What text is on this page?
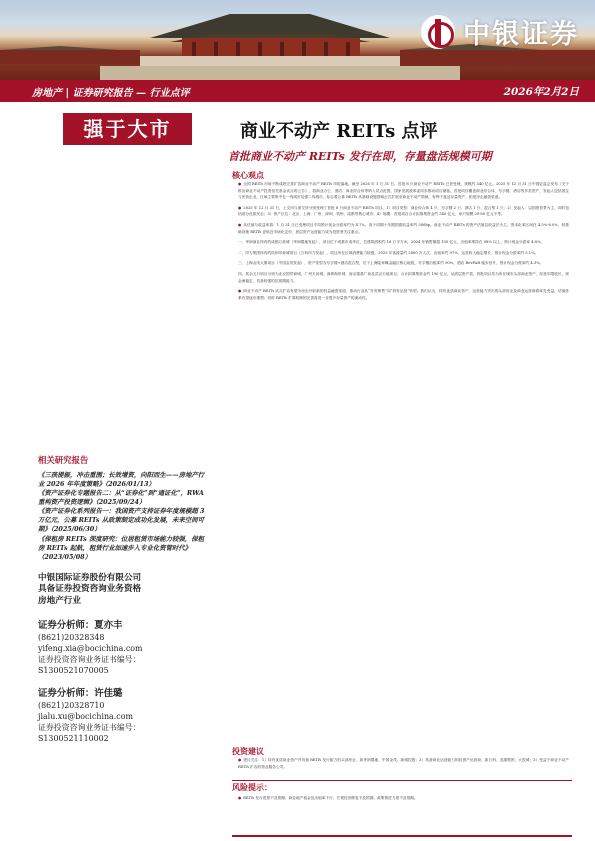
中银证券
房地产 | 证券研究报告 — 行业点评	2026年2月2日
强于大市	商业不动产 REITs 点评
首批商业不动产 REITs 发行在即，存量盘活规模可期
核心观点

● 全国 REITs 市场不断成熟完善扩容商业不动产 REITs 申报落地。截至 2026 年 1 月 31 日，首批 8 只商业不动产 REITs 已获受理，规模约 340 亿元。2025 年 12 月 31 日中国证监会发布《关于推出商业不动产投资信托基金试点的公告》，将商业办公、酒店、商业综合体等纳入试点范围，国家发展改革委同步推动项目储备。首批项目覆盖商业综合体、写字楼、酒店等多类资产，发起人包括国企与民营企业，区域主要集中在一线城市及强二线城市，标志着公募 REITs 从基础设施领域正式扩展至商业不动产领域，有利于盘活存量资产、拓宽房企融资渠道。

● 2025 年 12 月 31 日，上交所与深交所分别受理了首批 8 只商业不动产 REITs 项目。1）项目类型：商业综合体 4 只、写字楼 2 只、酒店 1 只、混合型 1 只；2）发起人：以国资背景为主，同时包括部分优质民企；3）资产区位：北京、上海、广州、深圳、杭州、成都等核心城市；4）规模：首批项目合计拟募集资金约 340 亿元，单只规模 20-80 亿元不等。

● 从估值与收益率看：1 月 31 日已受理项目平均预计现金分派率约为 4.7%，高于同期十年期国债收益率约 300bp。商业不动产 REITs 的资产估值以收益法为主，资本化率区间在 4.5%-6.0%，较基础设施 REITs 更贴近市场化定价，底层资产运营能力成为投资者关注重点。

一、华润商业持有的成都万象城（华润置地发起），项目位于成都市成华区，总建筑面积约 16 万平方米，2024 年销售额超 100 亿元，出租率维持在 98% 以上，预计现金分派率 4.8%。

二、印力集团持有的杭州印象城项目（万科印力发起），项目所在区域消费能力较强，2025 年客流量约 2800 万人次，出租率约 97%，运营收入稳定增长，预计现金分派率约 5.1%。

三、上海金茂大厦项目（中国金茂发起），资产类型为写字楼+酒店混合型，位于上海陆家嘴金融区核心地段，写字楼出租率约 90%，酒店 RevPAR 稳步回升，预计现金分派率约 4.3%。

四、其余五只项目分别为北京国贸商城、广州天河城、深圳海岸城、南京德基广场及武汉天地项目，合计拟募集资金约 190 亿元。从底层资产看，首批项目均为所在城市头部商业资产，经营年限较长，现金流稳定，具备较强的抗周期能力。

● 商业不动产 REITs 试点扩容有望为房企开辟新的权益融资渠道，推动行业从“开发销售”向“持有运营”转型。我们认为，持有优质商业资产、运营能力突出的头部房企及商业运营商将率先受益，估值体系有望逐步重塑；同时 REITs 扩募机制的完善将进一步提升存量资产的流动性。

投资建议

● 建议关注：1）持有优质商业资产并具备 REITs 发行能力的头部房企，如华润置地、中国金茂、新城控股；2）具备商业运营能力的轻资产运营商，如万科、龙湖集团、大悦城；3）受益于商业不动产 REITs 扩容的物业服务公司。

风险提示：

● REITs 发行进度不及预期；商业地产租金及出租率下行；宏观经济修复不及预期；政策推进力度不及预期。

相关研究报告

《三孩提振，冲击重围；长效增资，向阳而生——房地产行业 2026 年年度策略》（2026/01/13）

《资产证券化专题报告二：从“证券化”到“通证化”，RWA 重构资产投资逻辑》（2025/09/24）

《资产证券化系列报告一：我国资产支持证券年度规模超 3 万亿元，公募 REITs 从政策制定成功化发展，未来空间可期》（2025/06/30）

《保租房 REITs 深度研究：位居租赁市场能力较强，保租房 REITs 起航，租赁行业加速步入专业化资管时代》（2023/05/08）

中银国际证券股份有限公司
具备证券投资咨询业务资格
房地产行业
证券分析师：夏亦丰
(8621)20328348
yifeng.xia@bocichina.com
证券投资咨询业务证书编号：S1300521070005
证券分析师：许佳璐
(8621)20328710
jialu.xu@bocichina.com
证券投资咨询业务证书编号：S1300521110002
